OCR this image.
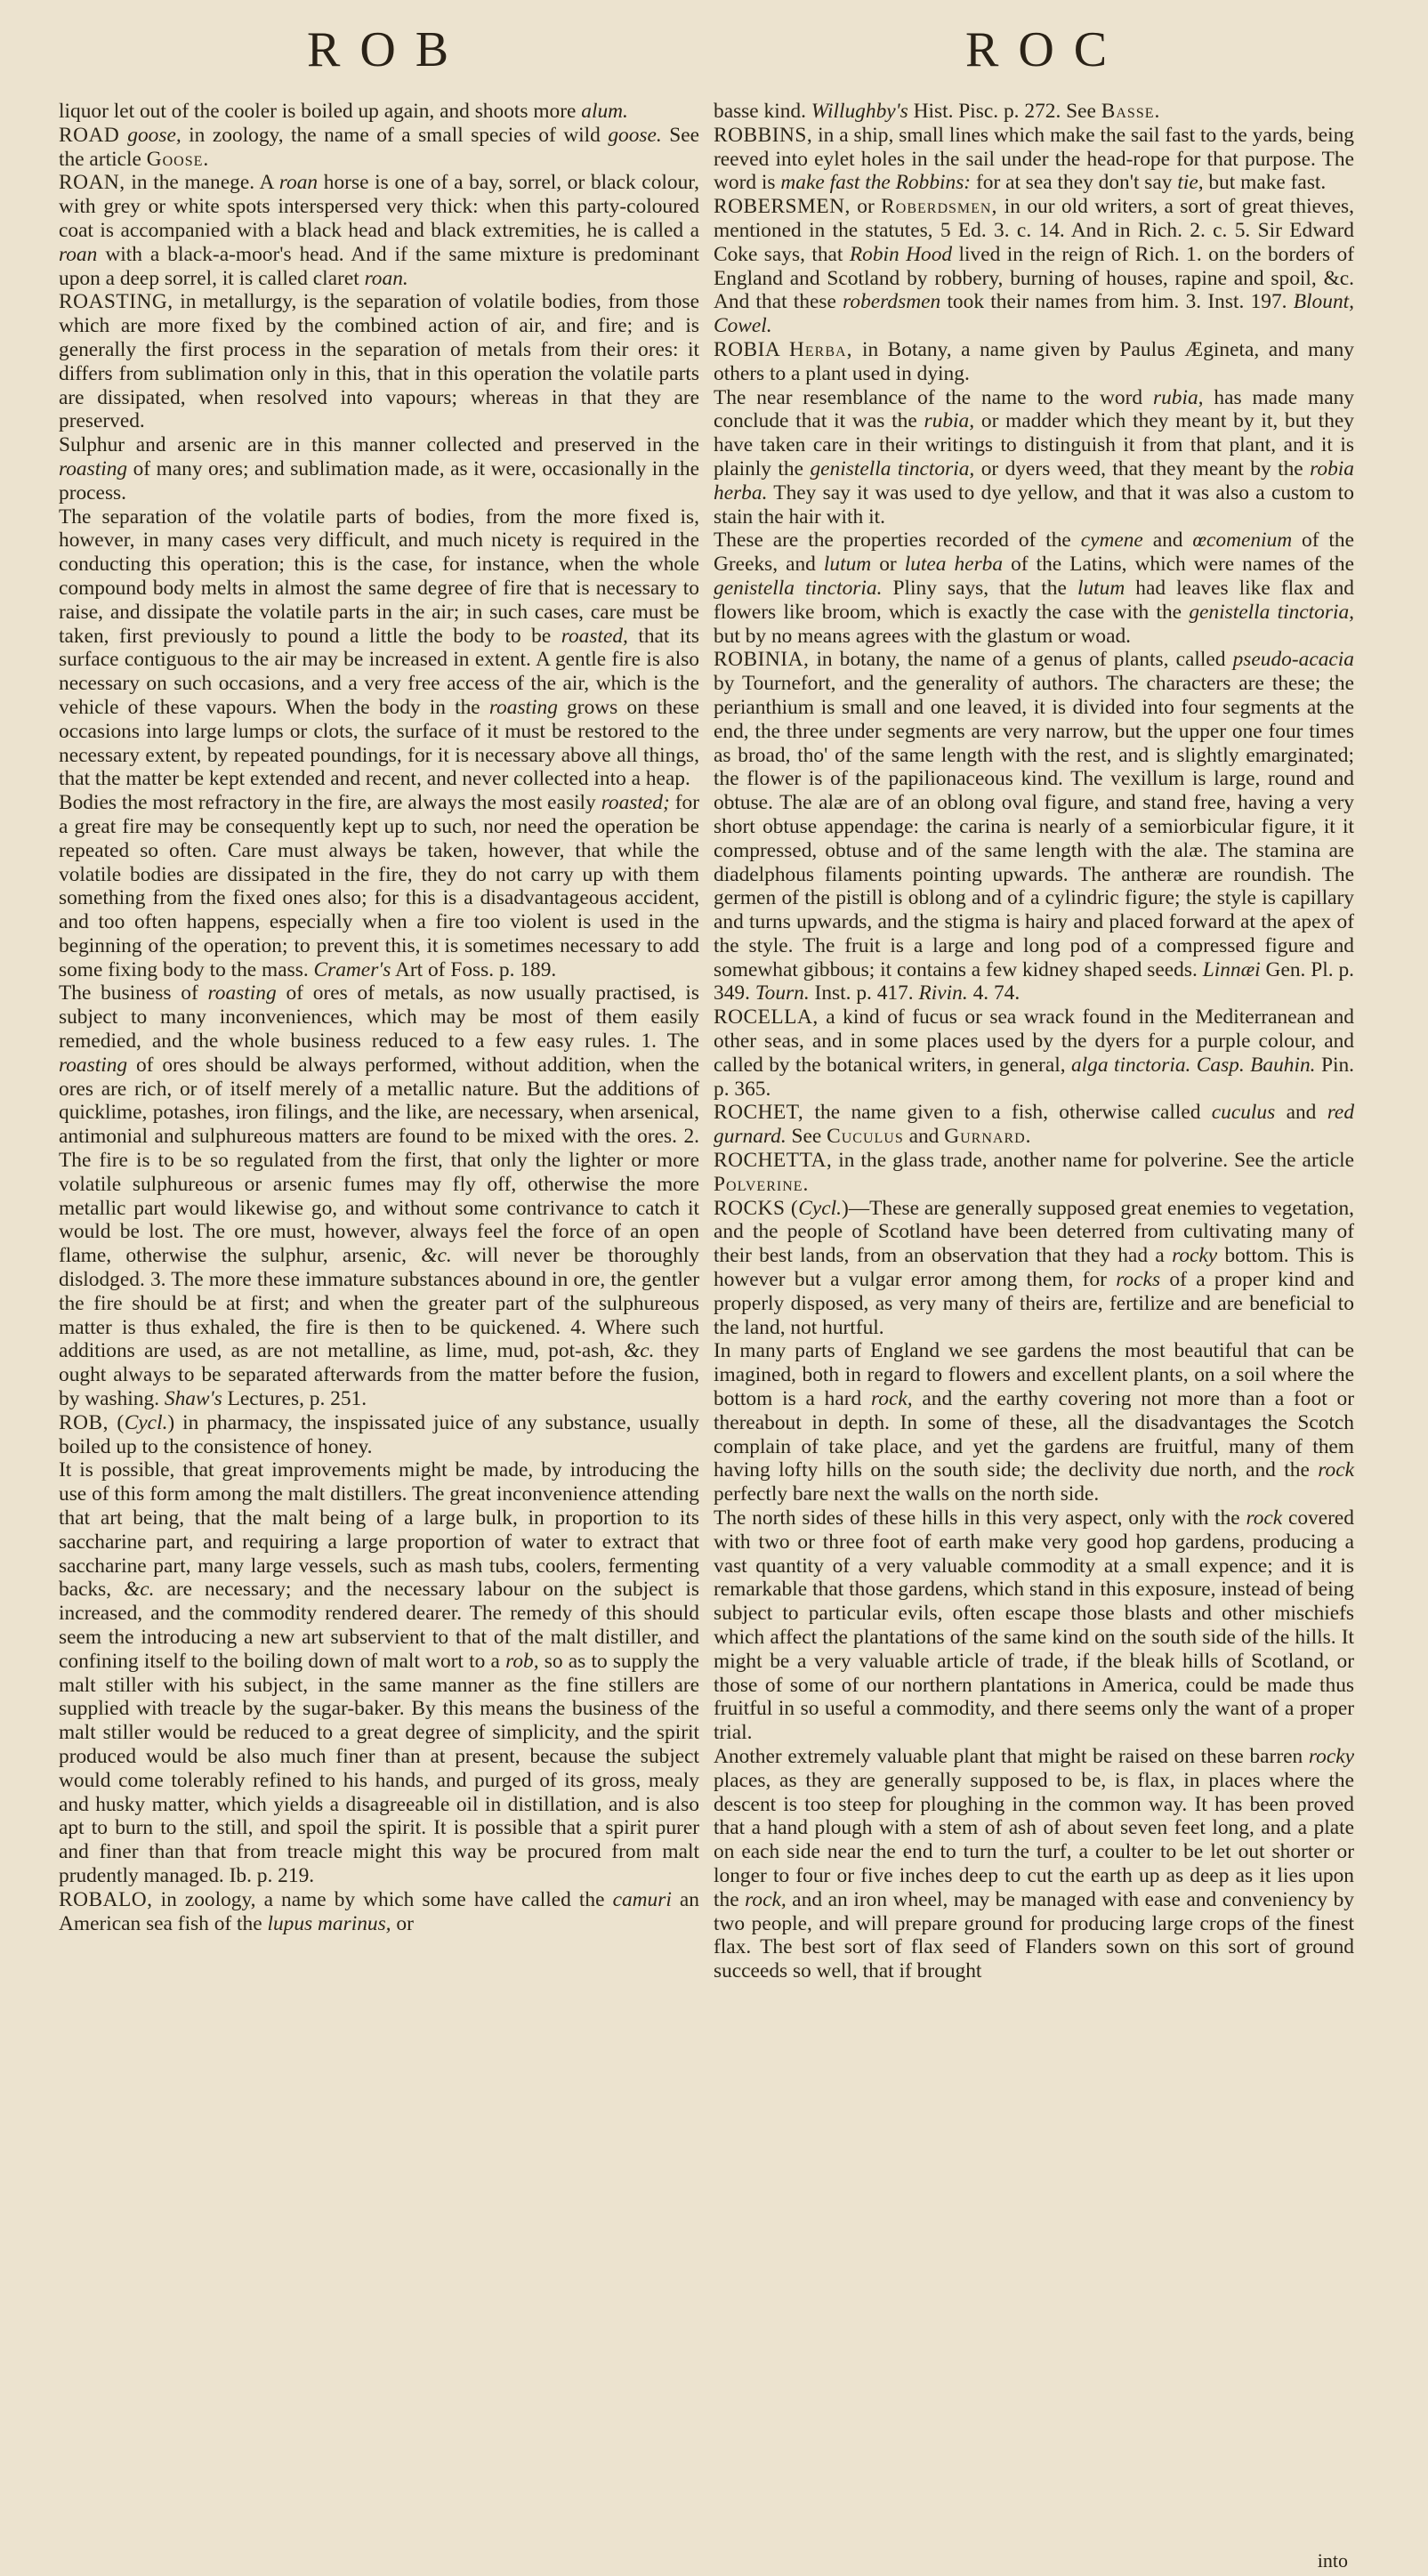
ROB	ROC

liquor let out of the cooler is boiled up again, and shoots more alum.

ROAD goose, in zoology, the name of a small species of wild goose. See the article Goose.

ROAN, in the manege. A roan horse is one of a bay, sorrel, or black colour, with grey or white spots interspersed very thick: when this party-coloured coat is accompanied with a black head and black extremities, he is called a roan with a black-a-moor's head. And if the same mixture is predominant upon a deep sorrel, it is called claret roan.

ROASTING, in metallurgy, is the separation of volatile bodies, from those which are more fixed by the combined action of air, and fire; and is generally the first process in the separation of metals from their ores: it differs from sublimation only in this, that in this operation the volatile parts are dissipated, when resolved into vapours; whereas in that they are preserved.

Sulphur and arsenic are in this manner collected and preserved in the roasting of many ores; and sublimation made, as it were, occasionally in the process.

The separation of the volatile parts of bodies, from the more fixed is, however, in many cases very difficult, and much nicety is required in the conducting this operation; this is the case, for instance, when the whole compound body melts in almost the same degree of fire that is necessary to raise, and dissipate the volatile parts in the air; in such cases, care must be taken, first previously to pound a little the body to be roasted, that its surface contiguous to the air may be increased in extent. A gentle fire is also necessary on such occasions, and a very free access of the air, which is the vehicle of these vapours. When the body in the roasting grows on these occasions into large lumps or clots, the surface of it must be restored to the necessary extent, by repeated poundings, for it is necessary above all things, that the matter be kept extended and recent, and never collected into a heap.

Bodies the most refractory in the fire, are always the most easily roasted; for a great fire may be consequently kept up to such, nor need the operation be repeated so often. Care must always be taken, however, that while the volatile bodies are dissipated in the fire, they do not carry up with them something from the fixed ones also; for this is a disadvantageous accident, and too often happens, especially when a fire too violent is used in the beginning of the operation; to prevent this, it is sometimes necessary to add some fixing body to the mass. Cramer's Art of Foss. p. 189.

The business of roasting of ores of metals, as now usually practised, is subject to many inconveniences, which may be most of them easily remedied, and the whole business reduced to a few easy rules. 1. The roasting of ores should be always performed, without addition, when the ores are rich, or of itself merely of a metallic nature. But the additions of quicklime, potashes, iron filings, and the like, are necessary, when arsenical, antimonial and sulphureous matters are found to be mixed with the ores. 2. The fire is to be so regulated from the first, that only the lighter or more volatile sulphureous or arsenic fumes may fly off, otherwise the more metallic part would likewise go, and without some contrivance to catch it would be lost. The ore must, however, always feel the force of an open flame, otherwise the sulphur, arsenic, &c. will never be thoroughly dislodged. 3. The more these immature substances abound in ore, the gentler the fire should be at first; and when the greater part of the sulphureous matter is thus exhaled, the fire is then to be quickened. 4. Where such additions are used, as are not metalline, as lime, mud, pot-ash, &c. they ought always to be separated afterwards from the matter before the fusion, by washing. Shaw's Lectures, p. 251.

ROB, (Cycl.) in pharmacy, the inspissated juice of any substance, usually boiled up to the consistence of honey.

It is possible, that great improvements might be made, by introducing the use of this form among the malt distillers. The great inconvenience attending that art being, that the malt being of a large bulk, in proportion to its saccharine part, and requiring a large proportion of water to extract that saccharine part, many large vessels, such as mash tubs, coolers, fermenting backs, &c. are necessary; and the necessary labour on the subject is increased, and the commodity rendered dearer. The remedy of this should seem the introducing a new art subservient to that of the malt distiller, and confining itself to the boiling down of malt wort to a rob, so as to supply the malt stiller with his subject, in the same manner as the fine stillers are supplied with treacle by the sugar-baker. By this means the business of the malt stiller would be reduced to a great degree of simplicity, and the spirit produced would be also much finer than at present, because the subject would come tolerably refined to his hands, and purged of its gross, mealy and husky matter, which yields a disagreeable oil in distillation, and is also apt to burn to the still, and spoil the spirit. It is possible that a spirit purer and finer than that from treacle might this way be procured from malt prudently managed. Ib. p. 219.

ROBALO, in zoology, a name by which some have called the camuri an American sea fish of the lupus marinus, or

basse kind. Willughby's Hist. Pisc. p. 272. See Basse.

ROBBINS, in a ship, small lines which make the sail fast to the yards, being reeved into eylet holes in the sail under the head-rope for that purpose. The word is make fast the Robbins: for at sea they don't say tie, but make fast.

ROBERSMEN, or Roberdsmen, in our old writers, a sort of great thieves, mentioned in the statutes, 5 Ed. 3. c. 14. And in Rich. 2. c. 5. Sir Edward Coke says, that Robin Hood lived in the reign of Rich. 1. on the borders of England and Scotland by robbery, burning of houses, rapine and spoil, &c. And that these roberdsmen took their names from him. 3. Inst. 197. Blount, Cowel.

ROBIA Herba, in Botany, a name given by Paulus Ægineta, and many others to a plant used in dying.

The near resemblance of the name to the word rubia, has made many conclude that it was the rubia, or madder which they meant by it, but they have taken care in their writings to distinguish it from that plant, and it is plainly the genistella tinctoria, or dyers weed, that they meant by the robia herba. They say it was used to dye yellow, and that it was also a custom to stain the hair with it.

These are the properties recorded of the cymene and œcomenium of the Greeks, and lutum or lutea herba of the Latins, which were names of the genistella tinctoria. Pliny says, that the lutum had leaves like flax and flowers like broom, which is exactly the case with the genistella tinctoria, but by no means agrees with the glastum or woad.

ROBINIA, in botany, the name of a genus of plants, called pseudo-acacia by Tournefort, and the generality of authors. The characters are these; the perianthium is small and one leaved, it is divided into four segments at the end, the three under segments are very narrow, but the upper one four times as broad, tho' of the same length with the rest, and is slightly emarginated; the flower is of the papilionaceous kind. The vexillum is large, round and obtuse. The alæ are of an oblong oval figure, and stand free, having a very short obtuse appendage: the carina is nearly of a semiorbicular figure, it it compressed, obtuse and of the same length with the alæ. The stamina are diadelphous filaments pointing upwards. The antheræ are roundish. The germen of the pistill is oblong and of a cylindric figure; the style is capillary and turns upwards, and the stigma is hairy and placed forward at the apex of the style. The fruit is a large and long pod of a compressed figure and somewhat gibbous; it contains a few kidney shaped seeds. Linnæi Gen. Pl. p. 349. Tourn. Inst. p. 417. Rivin. 4. 74.

ROCELLA, a kind of fucus or sea wrack found in the Mediterranean and other seas, and in some places used by the dyers for a purple colour, and called by the botanical writers, in general, alga tinctoria. Casp. Bauhin. Pin. p. 365.

ROCHET, the name given to a fish, otherwise called cuculus and red gurnard. See Cuculus and Gurnard.

ROCHETTA, in the glass trade, another name for polverine. See the article Polverine.

ROCKS (Cycl.)—These are generally supposed great enemies to vegetation, and the people of Scotland have been deterred from cultivating many of their best lands, from an observation that they had a rocky bottom. This is however but a vulgar error among them, for rocks of a proper kind and properly disposed, as very many of theirs are, fertilize and are beneficial to the land, not hurtful.

In many parts of England we see gardens the most beautiful that can be imagined, both in regard to flowers and excellent plants, on a soil where the bottom is a hard rock, and the earthy covering not more than a foot or thereabout in depth. In some of these, all the disadvantages the Scotch complain of take place, and yet the gardens are fruitful, many of them having lofty hills on the south side; the declivity due north, and the rock perfectly bare next the walls on the north side.

The north sides of these hills in this very aspect, only with the rock covered with two or three foot of earth make very good hop gardens, producing a vast quantity of a very valuable commodity at a small expence; and it is remarkable that those gardens, which stand in this exposure, instead of being subject to particular evils, often escape those blasts and other mischiefs which affect the plantations of the same kind on the south side of the hills. It might be a very valuable article of trade, if the bleak hills of Scotland, or those of some of our northern plantations in America, could be made thus fruitful in so useful a commodity, and there seems only the want of a proper trial.

Another extremely valuable plant that might be raised on these barren rocky places, as they are generally supposed to be, is flax, in places where the descent is too steep for ploughing in the common way. It has been proved that a hand plough with a stem of ash of about seven feet long, and a plate on each side near the end to turn the turf, a coulter to be let out shorter or longer to four or five inches deep to cut the earth up as deep as it lies upon the rock, and an iron wheel, may be managed with ease and conveniency by two people, and will prepare ground for producing large crops of the finest flax. The best sort of flax seed of Flanders sown on this sort of ground succeeds so well, that if brought

into
